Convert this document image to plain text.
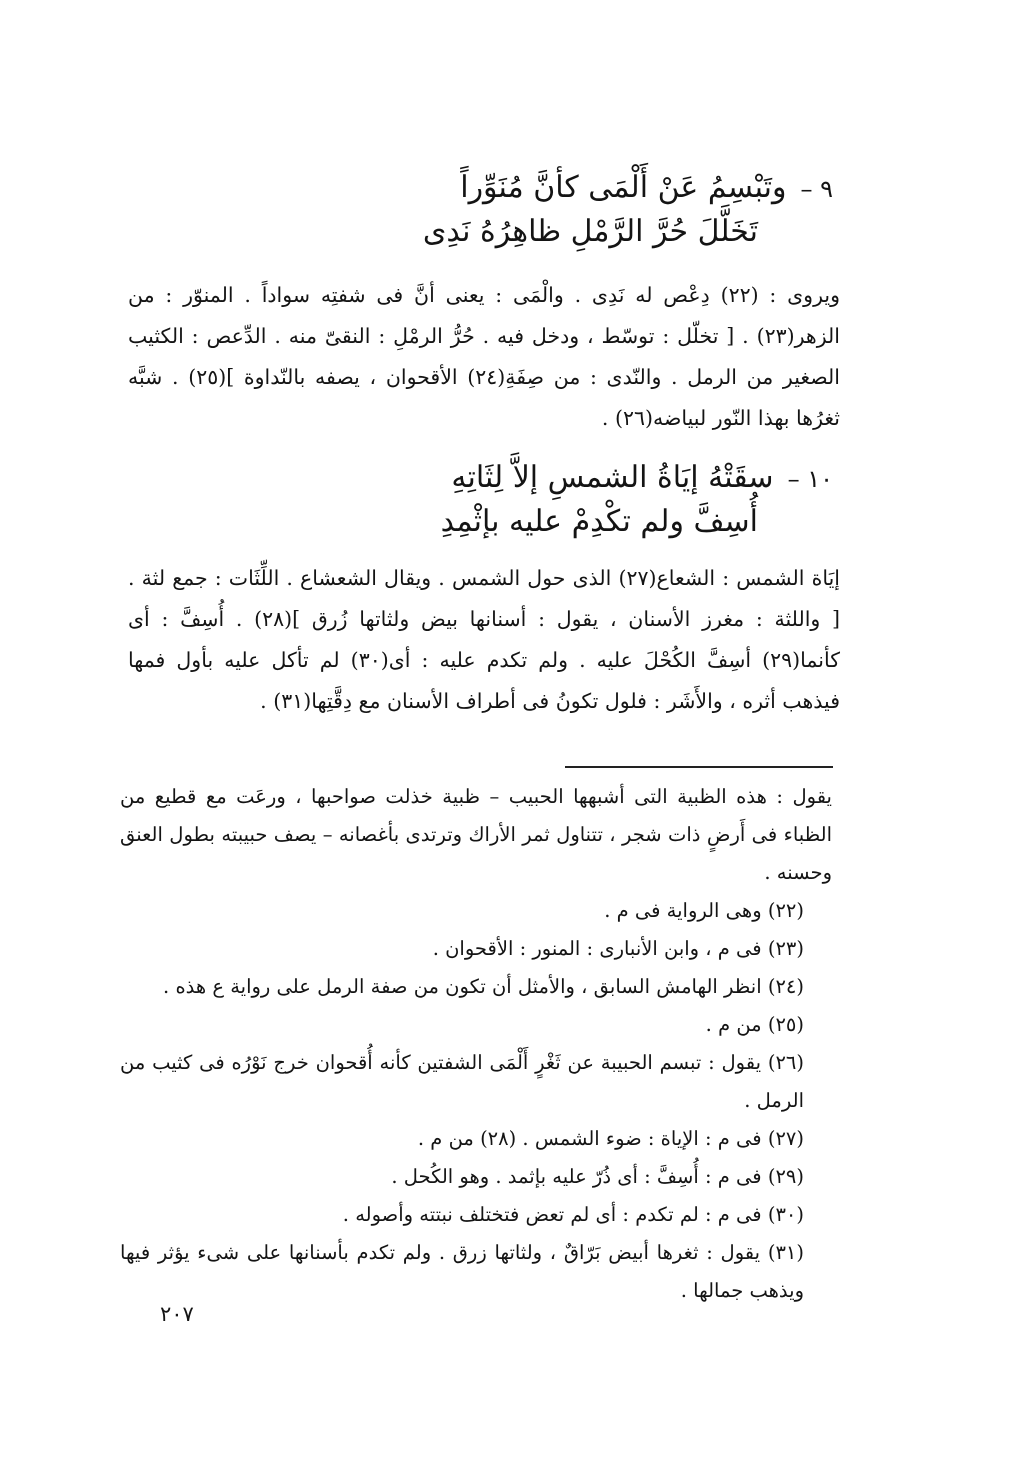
٩ –وتَبْسِمُ عَنْ أَلْمَى كأنَّ مُنَوِّراً
تَخَلَّلَ حُرَّ الرَّمْلِ ظاهِرُهُ نَدِى

ويروى : (٢٢) دِعْص له نَدِى . والْمَى : يعنى أنَّ فى شفتِه سواداً . المنوّر : من الزهر(٢٣) . [ تخلّل : توسّط ، ودخل فيه . حُرُّ الرمْلِ : النقىّ منه . الدِّعص : الكثيب الصغير من الرمل . والنّدى : من صِفَةِ(٢٤) الأقحوان ، يصفه بالنّداوة ](٢٥) . شبَّه ثغرُها بهذا النّور لبياضه(٢٦) .

١٠ –سقَتْهُ إيَاةُ الشمسِ إلاَّ لِثَاتِهِ
أُسِفَّ ولم تكْدِمْ عليه بإثْمِدِ

إيَاة الشمس : الشعاع(٢٧) الذى حول الشمس . ويقال الشعشاع . اللِّثَات : جمع لثة . [ واللثة : مغرز الأسنان ، يقول : أسنانها بيض ولثاتها زُرق ](٢٨) . أُسِفَّ : أى كأنما(٢٩) أسِفَّ الكُحْلَ عليه . ولم تكدم عليه : أى(٣٠) لم تأكل عليه بأول فمها فيذهب أثره ، والأَشَر : فلول تكونُ فى أطراف الأسنان مع دِقَّتِها(٣١) .

يقول : هذه الظبية التى أشبهها الحبيب – ظبية خذلت صواحبها ، ورعَت مع قطيع من الظباء فى أَرضٍ ذات شجر ، تتناول ثمر الأراك وترتدى بأغصانه – يصف حبيبته بطول العنق وحسنه .

(٢٢) وهى الرواية فى م .

(٢٣) فى م ، وابن الأنبارى : المنور : الأقحوان .

(٢٤) انظر الهامش السابق ، والأمثل أن تكون من صفة الرمل على رواية ع هذه .

(٢٥) من م .

(٢٦) يقول : تبسم الحبيبة عن ثَغْرٍ أَلْمَى الشفتين كأنه أُقحوان خرج نَوْرُه فى كثيب من الرمل .

(٢٧) فى م : الإياة : ضوء الشمس . (٢٨) من م .

(٢٩) فى م : أُسِفَّ : أى ذُرّ عليه بإثمد . وهو الكُحل .

(٣٠) فى م : لم تكدم : أى لم تعض فتختلف نبتته وأصوله .

(٣١) يقول : ثغرها أبيض بَرّاقٌ ، ولثاتها زرق . ولم تكدم بأسنانها على شىء يؤثر فيها ويذهب جمالها .

٢٠٧
